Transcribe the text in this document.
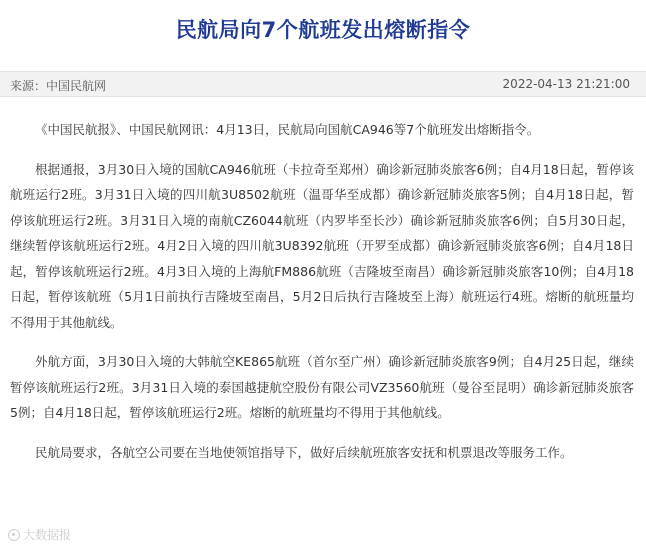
民航局向7个航班发出熔断指令
来源：中国民航网	2022-04-13 21:21:00

《中国民航报》、中国民航网讯：4月13日，民航局向国航CA946等7个航班发出熔断指令。

根据通报，3月30日入境的国航CA946航班（卡拉奇至郑州）确诊新冠肺炎旅客6例；自4月18日起，暂停该航班运行2班。3月31日入境的四川航3U8502航班（温哥华至成都）确诊新冠肺炎旅客5例；自4月18日起，暂停该航班运行2班。3月31日入境的南航CZ6044航班（内罗毕至长沙）确诊新冠肺炎旅客6例；自5月30日起，继续暂停该航班运行2班。4月2日入境的四川航3U8392航班（开罗至成都）确诊新冠肺炎旅客6例；自4月18日起，暂停该航班运行2班。4月3日入境的上海航FM886航班（吉隆坡至南昌）确诊新冠肺炎旅客10例；自4月18日起，暂停该航班（5月1日前执行吉隆坡至南昌，5月2日后执行吉隆坡至上海）航班运行4班。熔断的航班量均不得用于其他航线。

外航方面，3月30日入境的大韩航空KE865航班（首尔至广州）确诊新冠肺炎旅客9例；自4月25日起，继续暂停该航班运行2班。3月31日入境的泰国越捷航空股份有限公司VZ3560航班（曼谷至昆明）确诊新冠肺炎旅客5例；自4月18日起，暂停该航班运行2班。熔断的航班量均不得用于其他航线。

民航局要求，各航空公司要在当地使领馆指导下，做好后续航班旅客安抚和机票退改等服务工作。

大数据报
